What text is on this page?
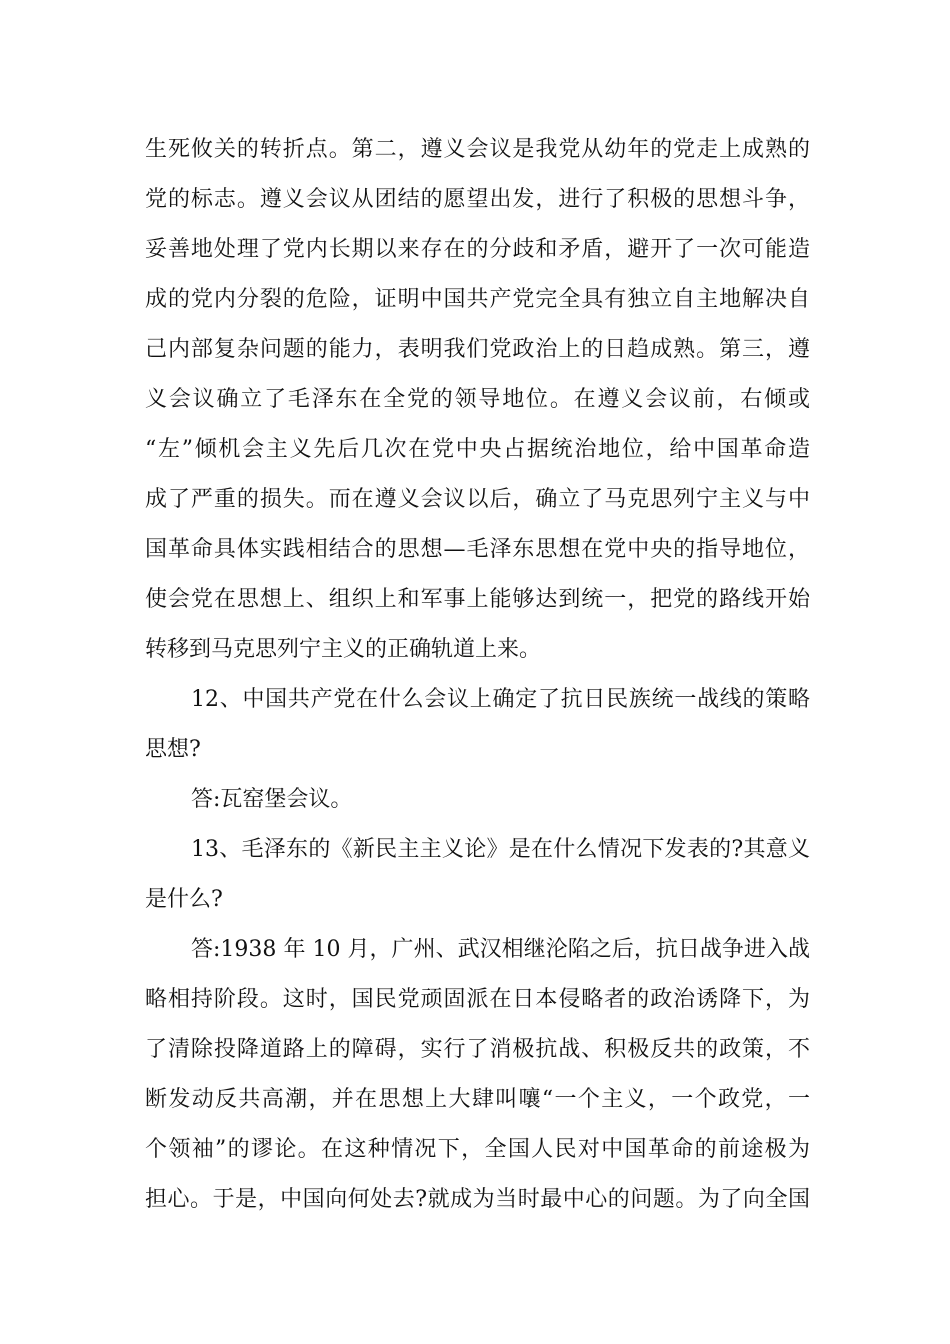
生死攸关的转折点。第二，遵义会议是我党从幼年的党走上成熟的
党的标志。遵义会议从团结的愿望出发，进行了积极的思想斗争，
妥善地处理了党内长期以来存在的分歧和矛盾，避开了一次可能造
成的党内分裂的危险，证明中国共产党完全具有独立自主地解决自
己内部复杂问题的能力，表明我们党政治上的日趋成熟。第三，遵
义会议确立了毛泽东在全党的领导地位。在遵义会议前，右倾或
“左”倾机会主义先后几次在党中央占据统治地位，给中国革命造
成了严重的损失。而在遵义会议以后，确立了马克思列宁主义与中
国革命具体实践相结合的思想—毛泽东思想在党中央的指导地位，
使会党在思想上、组织上和军事上能够达到统一，把党的路线开始
转移到马克思列宁主义的正确轨道上来。
12、中国共产党在什么会议上确定了抗日民族统一战线的策略
思想?
答:瓦窑堡会议。
13、毛泽东的《新民主主义论》是在什么情况下发表的?其意义
是什么?
答:1938 年 10 月，广州、武汉相继沦陷之后，抗日战争进入战
略相持阶段。这时，国民党顽固派在日本侵略者的政治诱降下，为
了清除投降道路上的障碍，实行了消极抗战、积极反共的政策，不
断发动反共高潮，并在思想上大肆叫嚷“一个主义，一个政党，一
个领袖”的谬论。在这种情况下，全国人民对中国革命的前途极为
担心。于是，中国向何处去?就成为当时最中心的问题。为了向全国
